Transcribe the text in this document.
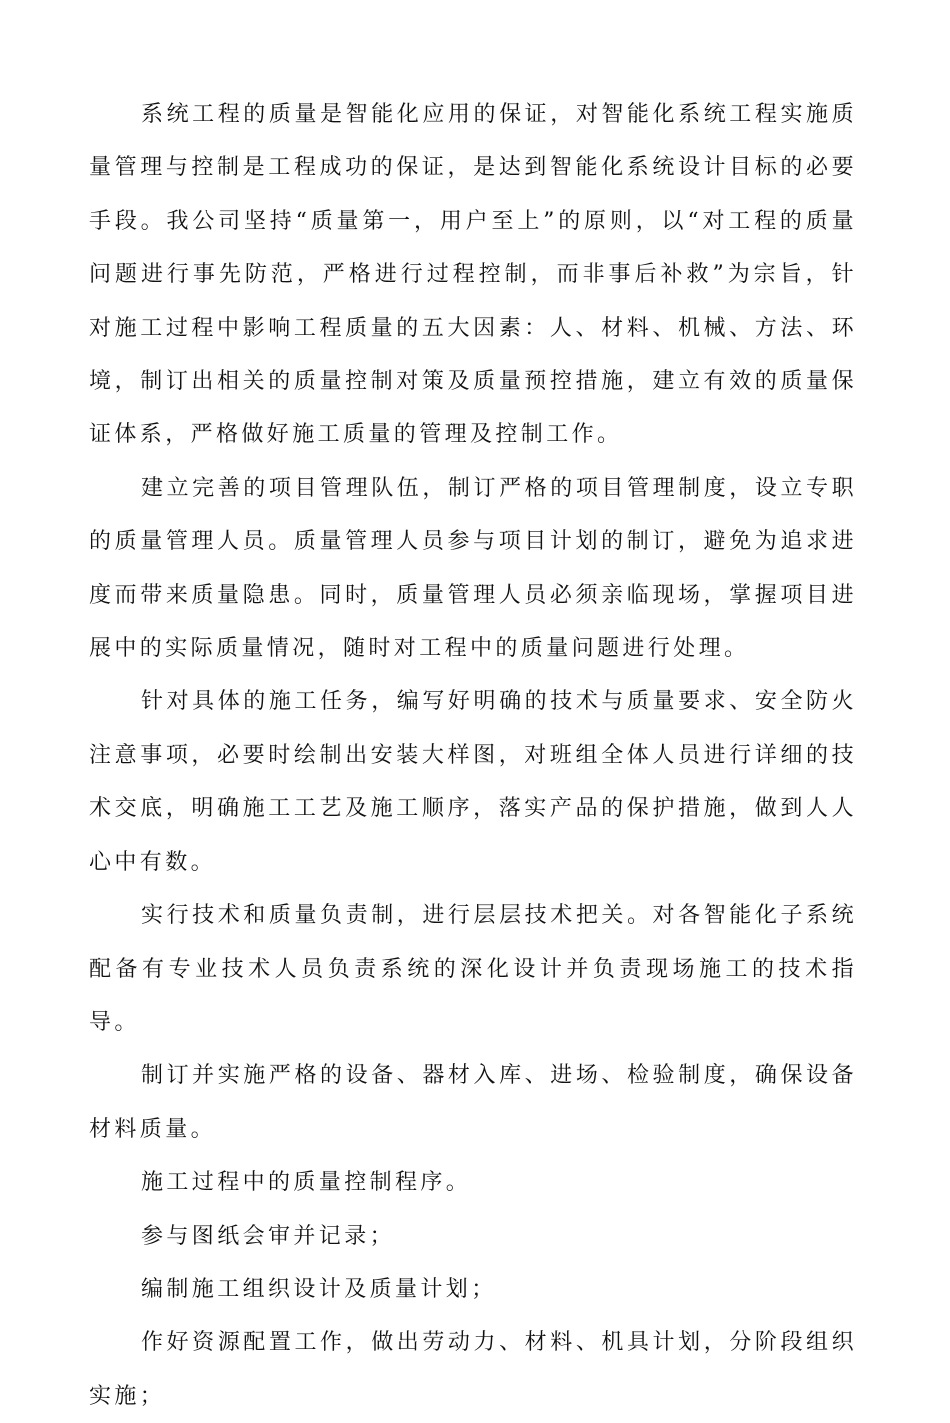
系统工程的质量是智能化应用的保证，对智能化系统工程实施质量管理与控制是工程成功的保证，是达到智能化系统设计目标的必要手段。我公司坚持“质量第一，用户至上”的原则，以“对工程的质量问题进行事先防范，严格进行过程控制，而非事后补救”为宗旨，针对施工过程中影响工程质量的五大因素：人、材料、机械、方法、环境，制订出相关的质量控制对策及质量预控措施，建立有效的质量保证体系，严格做好施工质量的管理及控制工作。

建立完善的项目管理队伍，制订严格的项目管理制度，设立专职的质量管理人员。质量管理人员参与项目计划的制订，避免为追求进度而带来质量隐患。同时，质量管理人员必须亲临现场，掌握项目进展中的实际质量情况，随时对工程中的质量问题进行处理。

针对具体的施工任务，编写好明确的技术与质量要求、安全防火注意事项，必要时绘制出安装大样图，对班组全体人员进行详细的技术交底，明确施工工艺及施工顺序，落实产品的保护措施，做到人人心中有数。

实行技术和质量负责制，进行层层技术把关。对各智能化子系统配备有专业技术人员负责系统的深化设计并负责现场施工的技术指导。

制订并实施严格的设备、器材入库、进场、检验制度，确保设备材料质量。

施工过程中的质量控制程序。

参与图纸会审并记录；

编制施工组织设计及质量计划；

作好资源配置工作，做出劳动力、材料、机具计划，分阶段组织实施；
